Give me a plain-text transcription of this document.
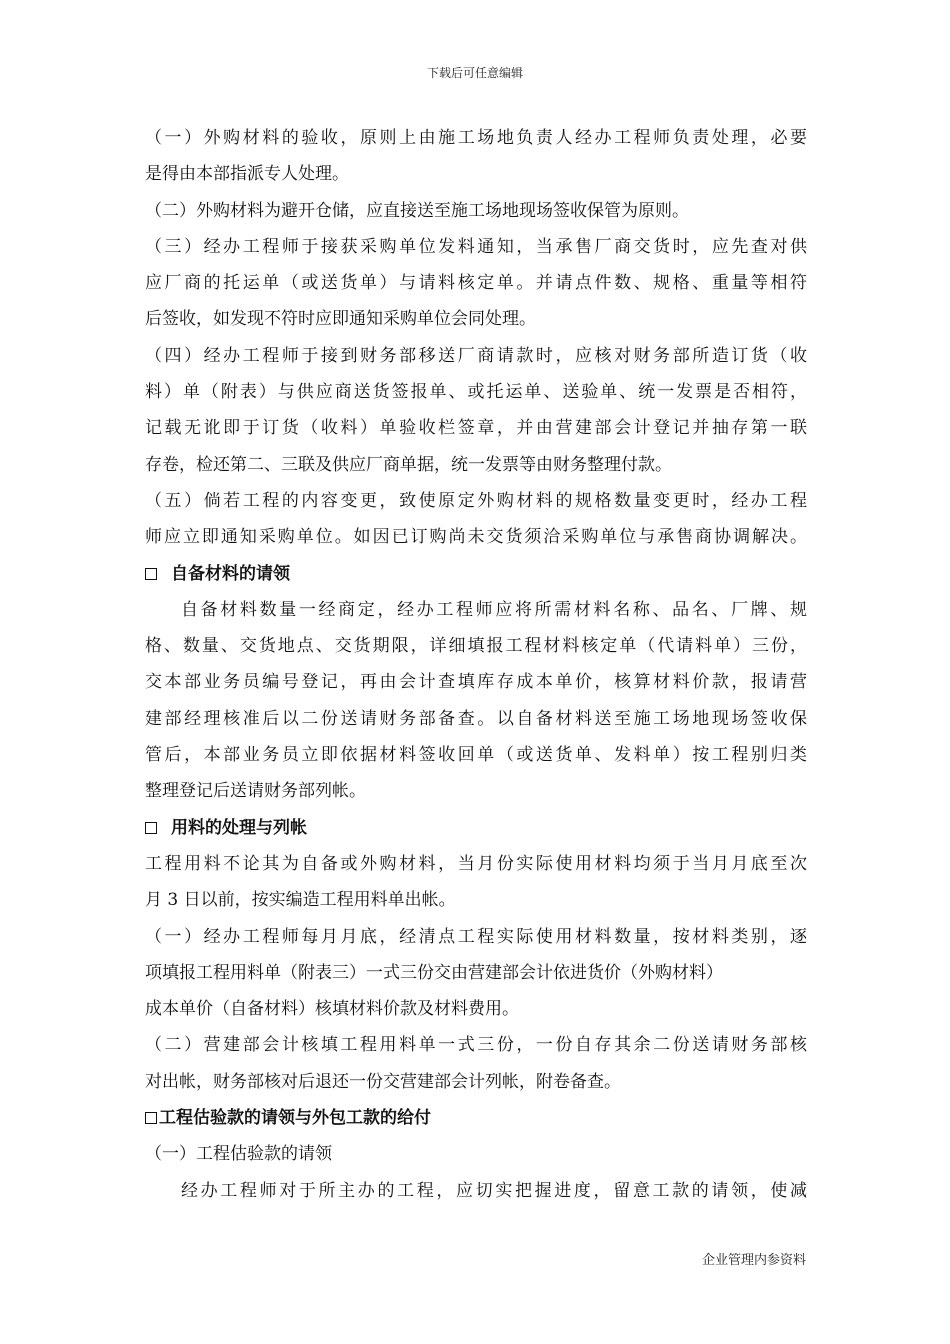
下载后可任意编辑
（一）外购材料的验收，原则上由施工场地负责人经办工程师负责处理，必要
是得由本部指派专人处理。
（二）外购材料为避开仓储，应直接送至施工场地现场签收保管为原则。
（三）经办工程师于接获采购单位发料通知，当承售厂商交货时，应先查对供
应厂商的托运单（或送货单）与请料核定单。并请点件数、规格、重量等相符
后签收，如发现不符时应即通知采购单位会同处理。
（四）经办工程师于接到财务部移送厂商请款时，应核对财务部所造订货（收
料）单（附表）与供应商送货签报单、或托运单、送验单、统一发票是否相符，
记载无讹即于订货（收料）单验收栏签章，并由营建部会计登记并抽存第一联
存卷，检还第二、三联及供应厂商单据，统一发票等由财务整理付款。
（五）倘若工程的内容变更，致使原定外购材料的规格数量变更时，经办工程
师应立即通知采购单位。如因已订购尚未交货须洽采购单位与承售商协调解决。
自备材料的请领
自备材料数量一经商定，经办工程师应将所需材料名称、品名、厂牌、规
格、数量、交货地点、交货期限，详细填报工程材料核定单（代请料单）三份，
交本部业务员编号登记，再由会计查填库存成本单价，核算材料价款，报请营
建部经理核准后以二份送请财务部备查。以自备材料送至施工场地现场签收保
管后，本部业务员立即依据材料签收回单（或送货单、发料单）按工程别归类
整理登记后送请财务部列帐。
用料的处理与列帐
工程用料不论其为自备或外购材料，当月份实际使用材料均须于当月月底至次
月 3 日以前，按实编造工程用料单出帐。
（一）经办工程师每月月底，经清点工程实际使用材料数量，按材料类别，逐
项填报工程用料单（附表三）一式三份交由营建部会计依进货价（外购材料）
成本单价（自备材料）核填材料价款及材料费用。
（二）营建部会计核填工程用料单一式三份，一份自存其余二份送请财务部核
对出帐，财务部核对后退还一份交营建部会计列帐，附卷备查。
工程估验款的请领与外包工款的给付
（一）工程估验款的请领
经办工程师对于所主办的工程，应切实把握进度，留意工款的请领，使减
企业管理内参资料
